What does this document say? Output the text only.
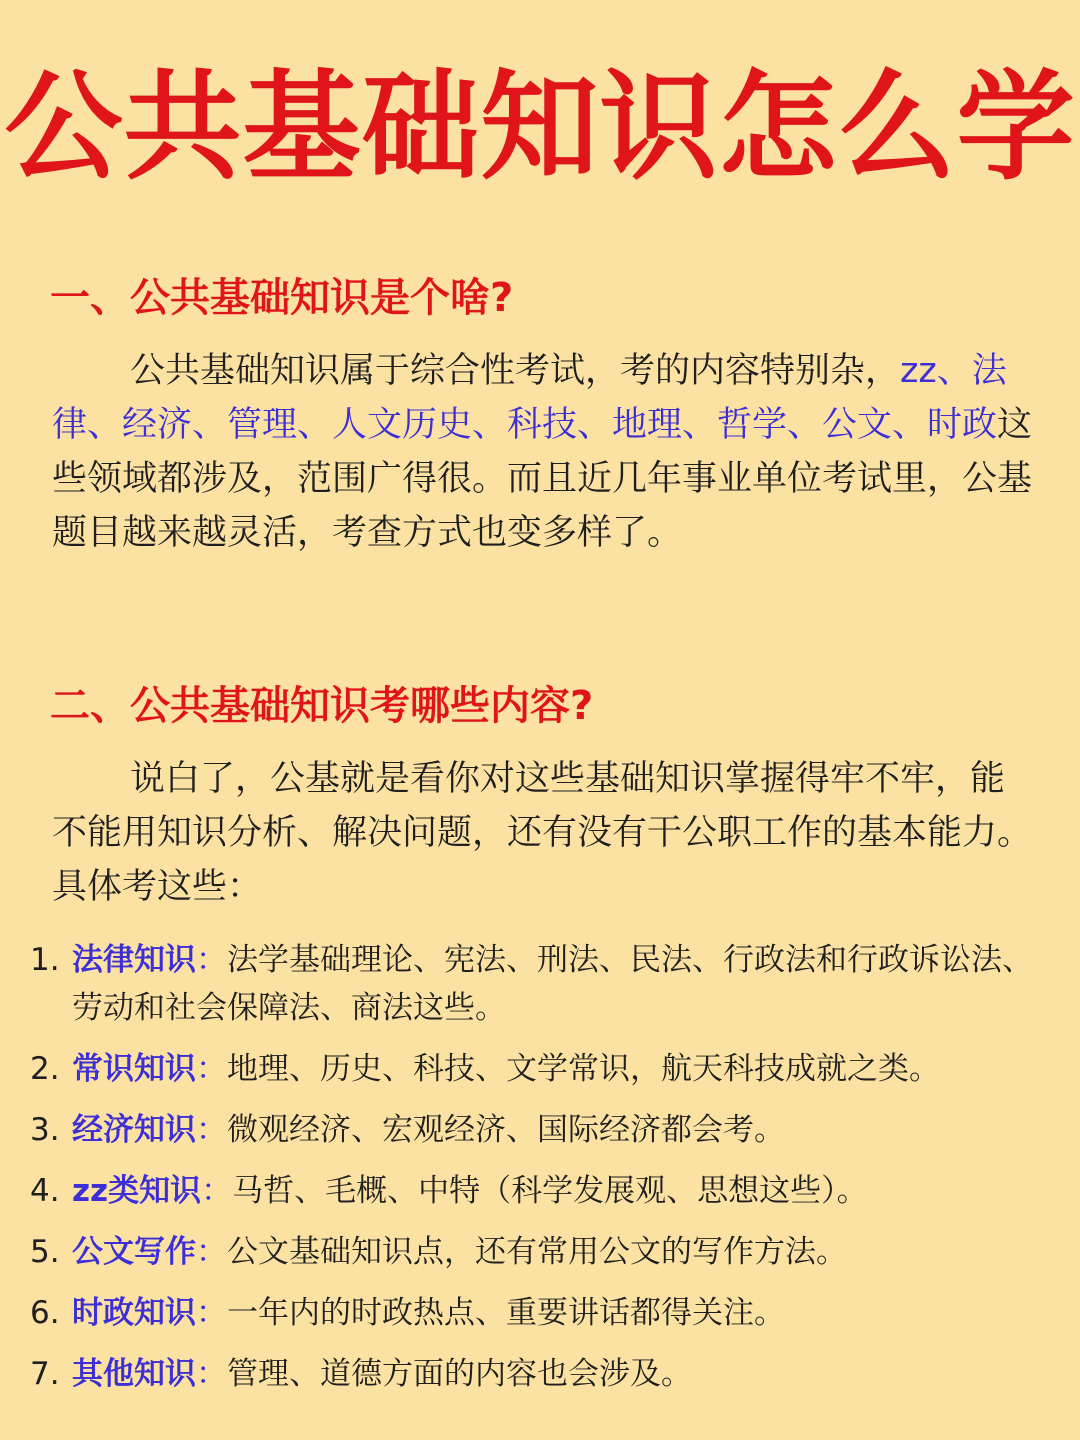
公共基础知识怎么学
一、公共基础知识是个啥?
公共基础知识属于综合性考试，考的内容特别杂，zz、法律、经济、管理、人文历史、科技、地理、哲学、公文、时政这些领域都涉及，范围广得很。而且近几年事业单位考试里，公基题目越来越灵活，考查方式也变多样了。
二、公共基础知识考哪些内容?
说白了，公基就是看你对这些基础知识掌握得牢不牢，能不能用知识分析、解决问题，还有没有干公职工作的基本能力。具体考这些：
1. 法律知识：法学基础理论、宪法、刑法、民法、行政法和行政诉讼法、劳动和社会保障法、商法这些。
2. 常识知识：地理、历史、科技、文学常识，航天科技成就之类。
3. 经济知识：微观经济、宏观经济、国际经济都会考。
4. zz类知识：马哲、毛概、中特（科学发展观、思想这些）。
5. 公文写作：公文基础知识点，还有常用公文的写作方法。
6. 时政知识：一年内的时政热点、重要讲话都得关注。
7. 其他知识：管理、道德方面的内容也会涉及。
